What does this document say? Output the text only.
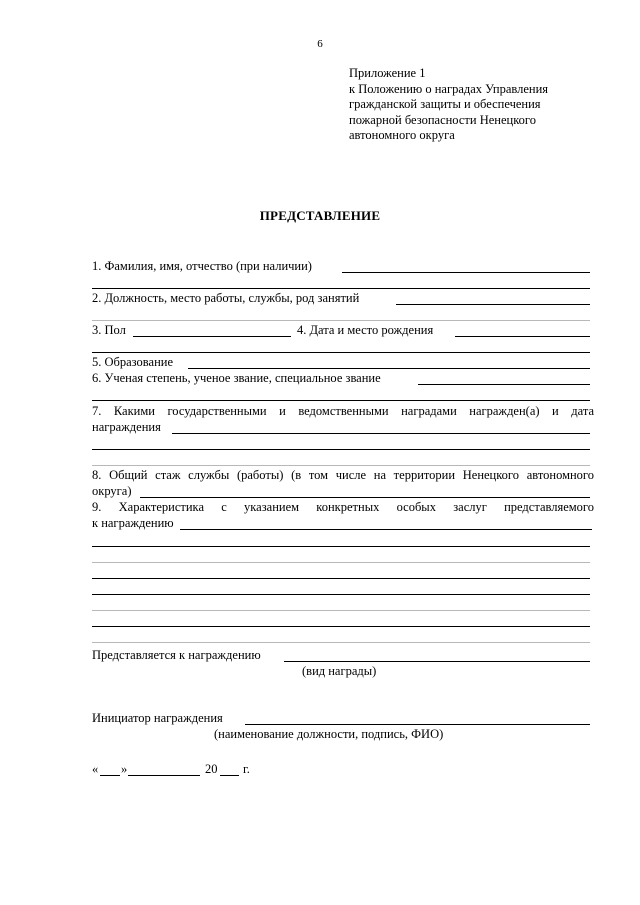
6
Приложение 1
к Положению о наградах Управления
гражданской защиты и обеспечения
пожарной безопасности Ненецкого
автономного округа
ПРЕДСТАВЛЕНИЕ
1. Фамилия, имя, отчество (при наличии)
2. Должность, место работы, службы, род занятий
3. Пол	4. Дата и место рождения
5. Образование
6. Ученая степень, ученое звание, специальное звание
7. Какими государственными и ведомственными наградами награжден(а) и дата
награждения
8. Общий стаж службы (работы) (в том числе на территории Ненецкого автономного
округа)
9. Характеристика с указанием конкретных особых заслуг представляемого
к награждению
Представляется к награждению
(вид награды)
Инициатор награждения
(наименование должности, подпись, ФИО)
« »	20 г.
